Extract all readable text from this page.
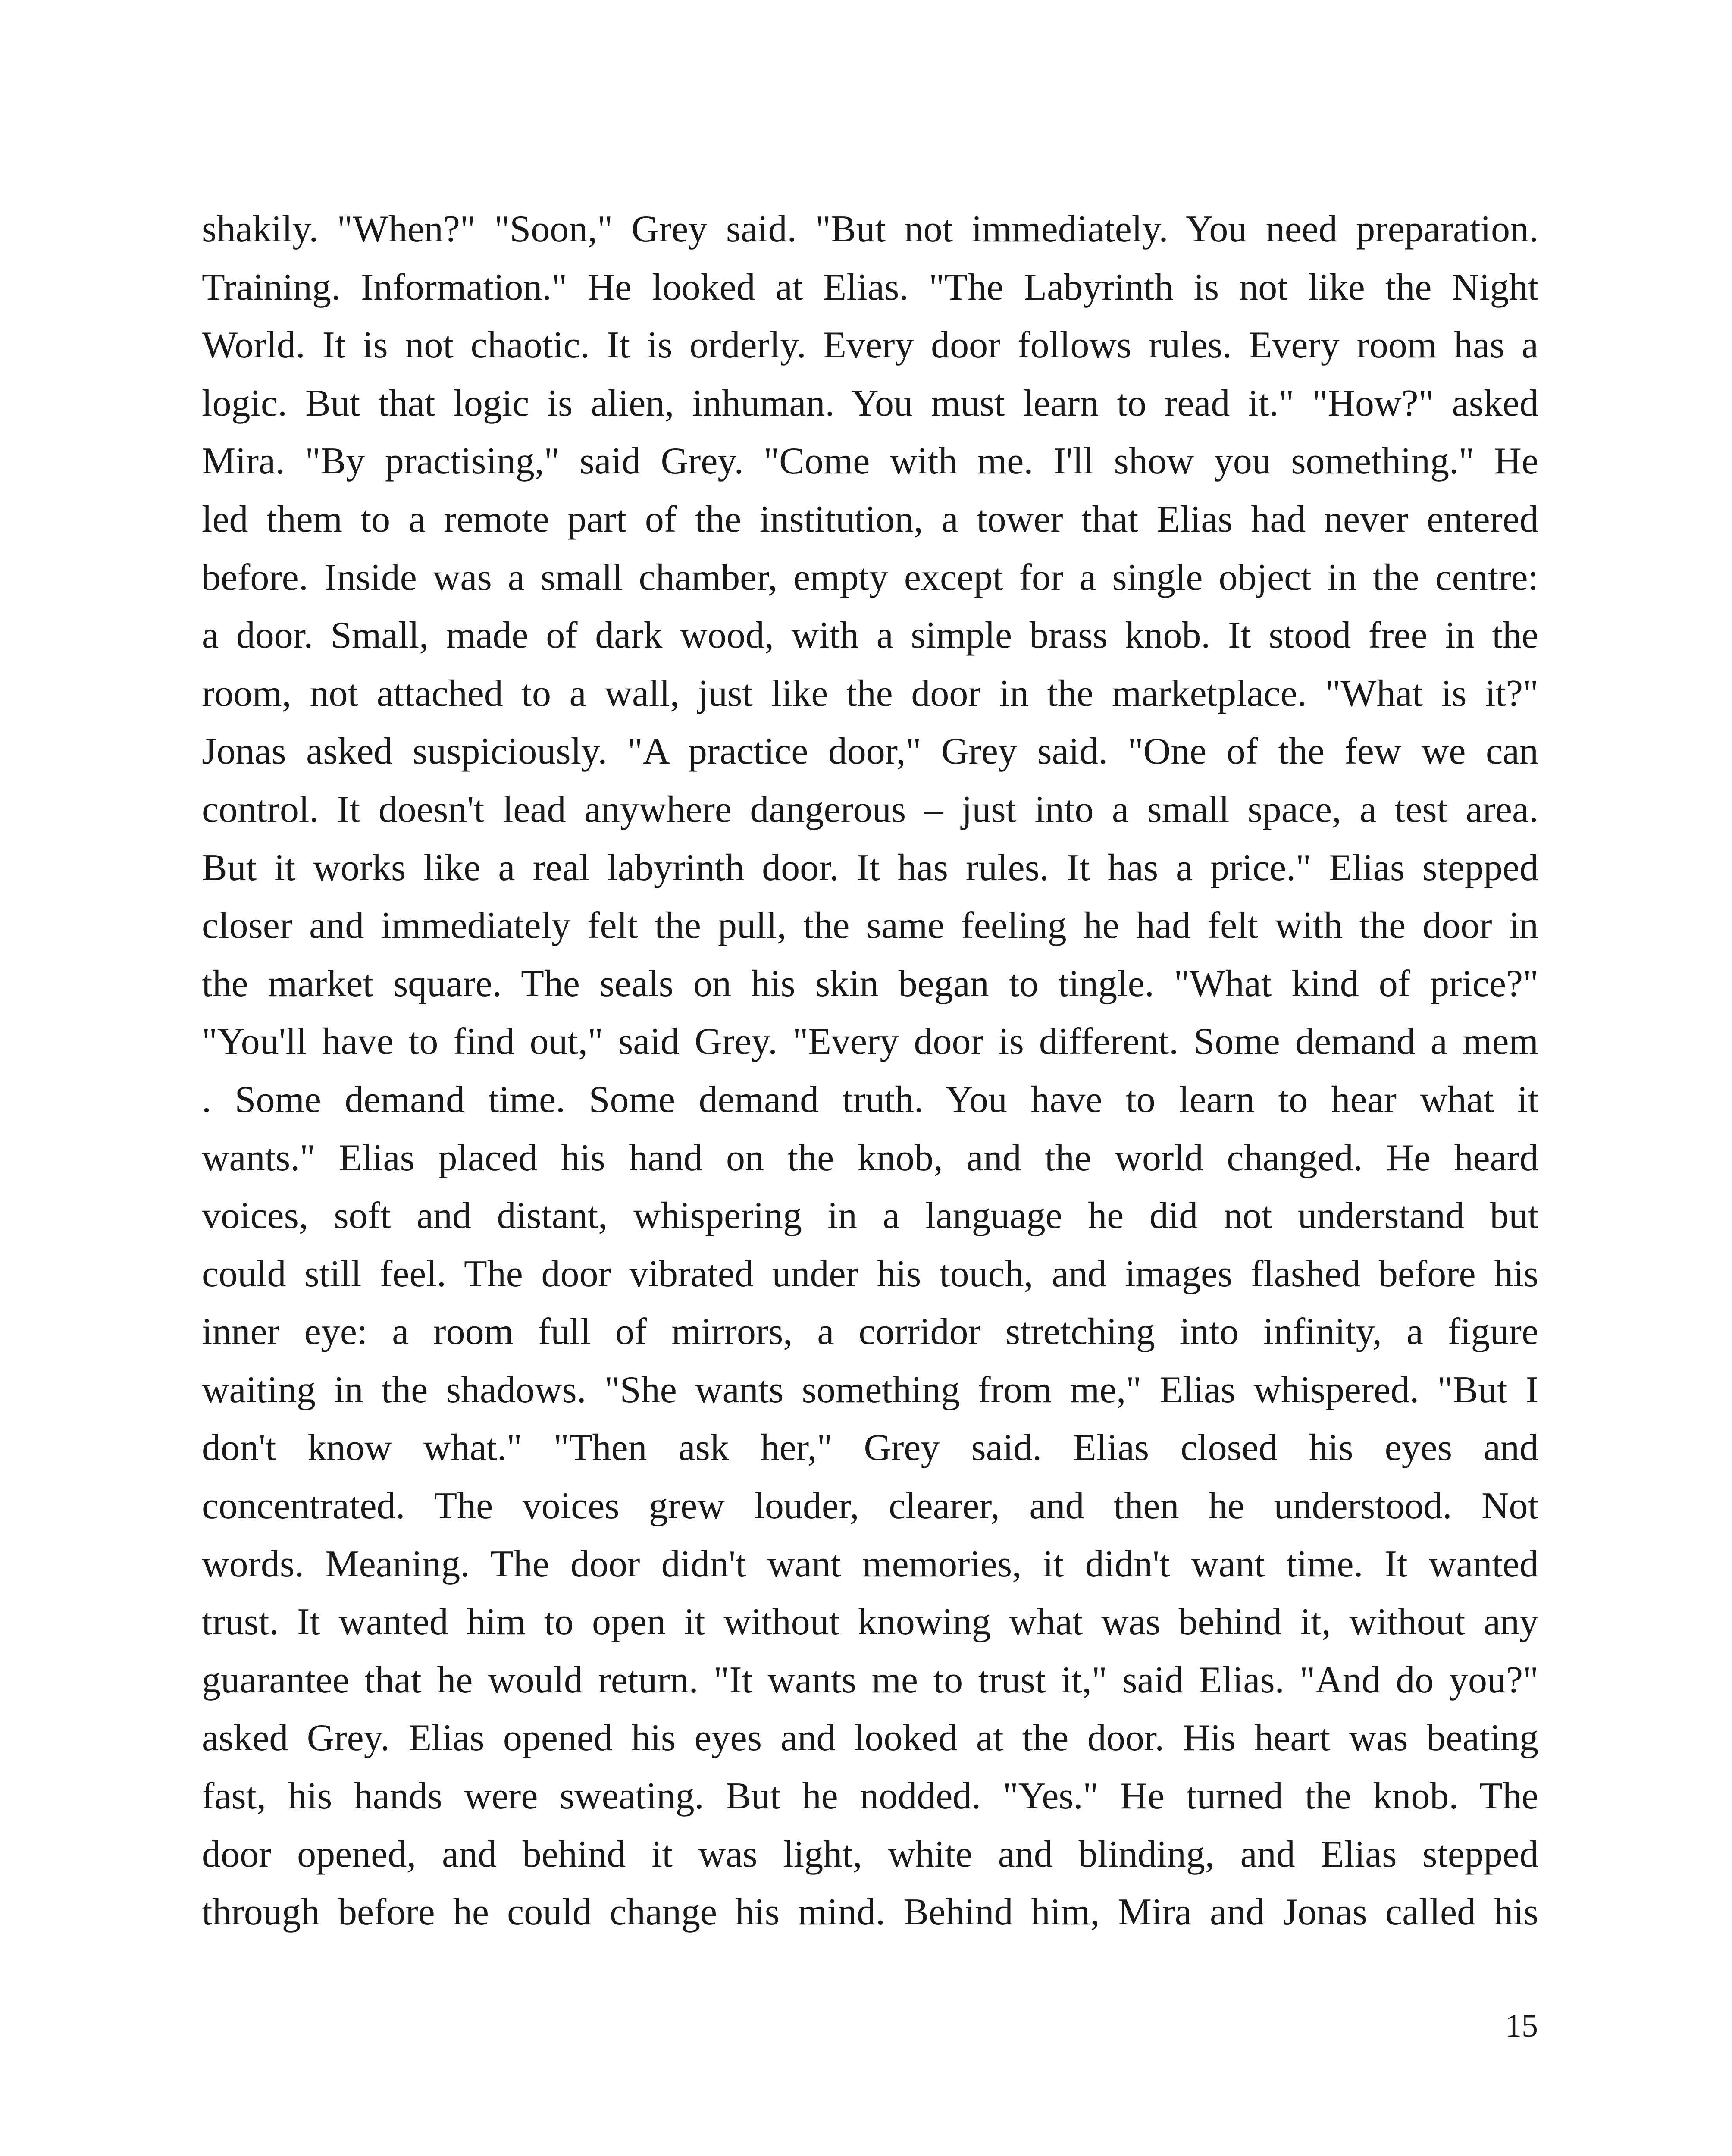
shakily. "When?" "Soon," Grey said. "But not immediately. You need preparation.
Training. Information." He looked at Elias. "The Labyrinth is not like the Night
World. It is not chaotic. It is orderly. Every door follows rules. Every room has a
logic. But that logic is alien, inhuman. You must learn to read it." "How?" asked
Mira. "By practising," said Grey. "Come with me. I'll show you something." He
led them to a remote part of the institution, a tower that Elias had never entered
before. Inside was a small chamber, empty except for a single object in the centre:
a door. Small, made of dark wood, with a simple brass knob. It stood free in the
room, not attached to a wall, just like the door in the marketplace. "What is it?"
Jonas asked suspiciously. "A practice door," Grey said. "One of the few we can
control. It doesn't lead anywhere dangerous – just into a small space, a test area.
But it works like a real labyrinth door. It has rules. It has a price." Elias stepped
closer and immediately felt the pull, the same feeling he had felt with the door in
the market square. The seals on his skin began to tingle. "What kind of price?"
"You'll have to find out," said Grey. "Every door is different. Some demand a mem
. Some demand time. Some demand truth. You have to learn to hear what it
wants." Elias placed his hand on the knob, and the world changed. He heard
voices, soft and distant, whispering in a language he did not understand but
could still feel. The door vibrated under his touch, and images flashed before his
inner eye: a room full of mirrors, a corridor stretching into infinity, a figure
waiting in the shadows. "She wants something from me," Elias whispered. "But I
don't know what." "Then ask her," Grey said. Elias closed his eyes and
concentrated. The voices grew louder, clearer, and then he understood. Not
words. Meaning. The door didn't want memories, it didn't want time. It wanted
trust. It wanted him to open it without knowing what was behind it, without any
guarantee that he would return. "It wants me to trust it," said Elias. "And do you?"
asked Grey. Elias opened his eyes and looked at the door. His heart was beating
fast, his hands were sweating. But he nodded. "Yes." He turned the knob. The
door opened, and behind it was light, white and blinding, and Elias stepped
through before he could change his mind. Behind him, Mira and Jonas called his
15
